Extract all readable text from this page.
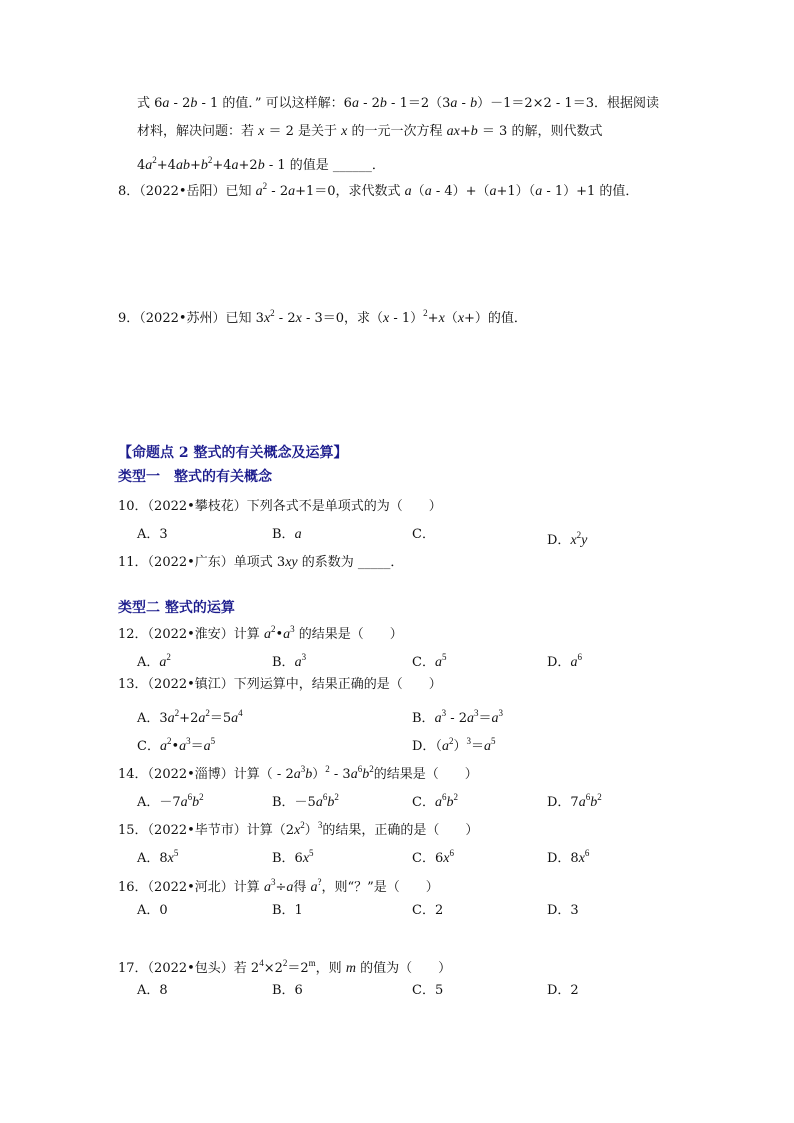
式 6a - 2b - 1 的值．” 可以这样解：6a - 2b - 1＝2（3a - b）－1＝2×2 - 1＝3．根据阅读
材料，解决问题：若 x ＝ 2 是关于 x 的一元一次方程 ax+b ＝ 3 的解，则代数式
$4a^2+4ab+b^2+4a+2b - 1$ 的值是 ______．
8．（2022•岳阳）已知 $a^2 - 2a+1=0$，求代数式 a（a - 4）+（a+1）（a - 1）+1 的值．
9．（2022•苏州）已知 $3x^2 - 2x - 3=0$，求（x - 1）$^2$+x（x+）的值．
【命题点 2 整式的有关概念及运算】
类型一　整式的有关概念
10．（2022•攀枝花）下列各式不是单项式的为（　　）
A．3	B．a	C．	D．$x^2y$
11．（2022•广东）单项式 3xy 的系数为 _____．
类型二 整式的运算
12．（2022•淮安）计算 $a^2•a^3$ 的结果是（　　）
A．$a^2$	B．$a^3$	C．$a^5$	D．$a^6$
13．（2022•镇江）下列运算中，结果正确的是（　　）
A．$3a^2+2a^2=5a^4$	B．$a^3 - 2a^3=a^3$
C．$a^2•a^3=a^5$	D．$(a^2)^3=a^5$
14．（2022•淄博）计算（ - $2a^3b)^2 - 3a^6b^2$的结果是（　　）
A．$-7a^6b^2$	B．$-5a^6b^2$	C．$a^6b^2$	D．$7a^6b^2$
15．（2022•毕节市）计算$(2x^2)^3$的结果，正确的是（　　）
A．$8x^5$	B．$6x^5$	C．$6x^6$	D．$8x^6$
16．（2022•河北）计算 $a^3\div a$得 a?，则“？”是（　　）
A．0	B．1	C．2	D．3
17．（2022•包头）若 $2^4\times 2^2=2^m$，则 m 的值为（　　）
A．8	B．6	C．5	D．2
